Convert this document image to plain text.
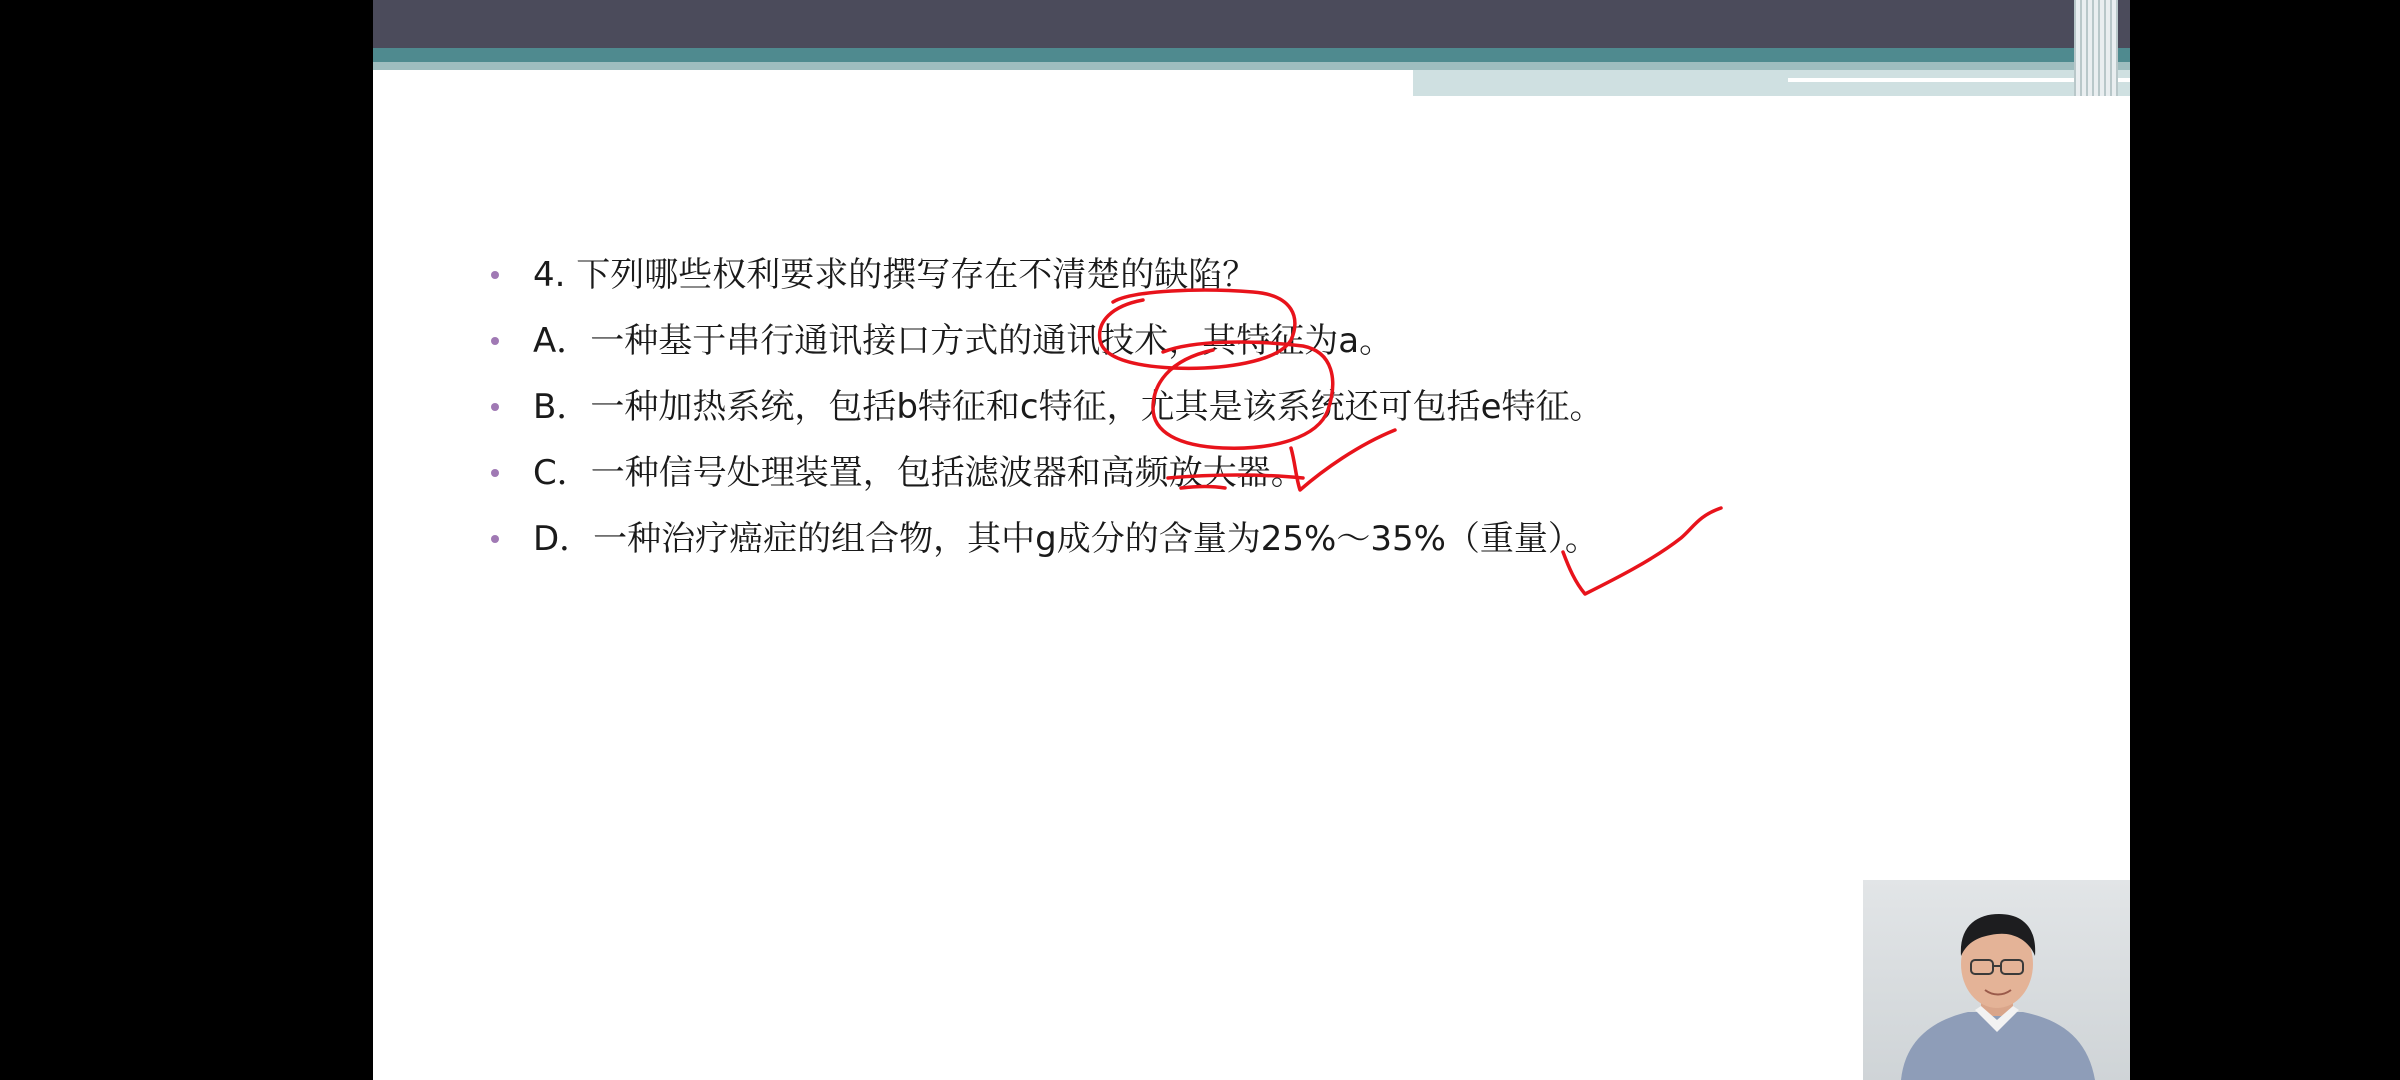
4. 下列哪些权利要求的撰写存在不清楚的缺陷？
A．一种基于串行通讯接口方式的通讯技术，其特征为a。
B．一种加热系统，包括b特征和c特征，尤其是该系统还可包括e特征。
C．一种信号处理装置，包括滤波器和高频放大器。
D．一种治疗癌症的组合物，其中g成分的含量为25%～35%（重量）。
